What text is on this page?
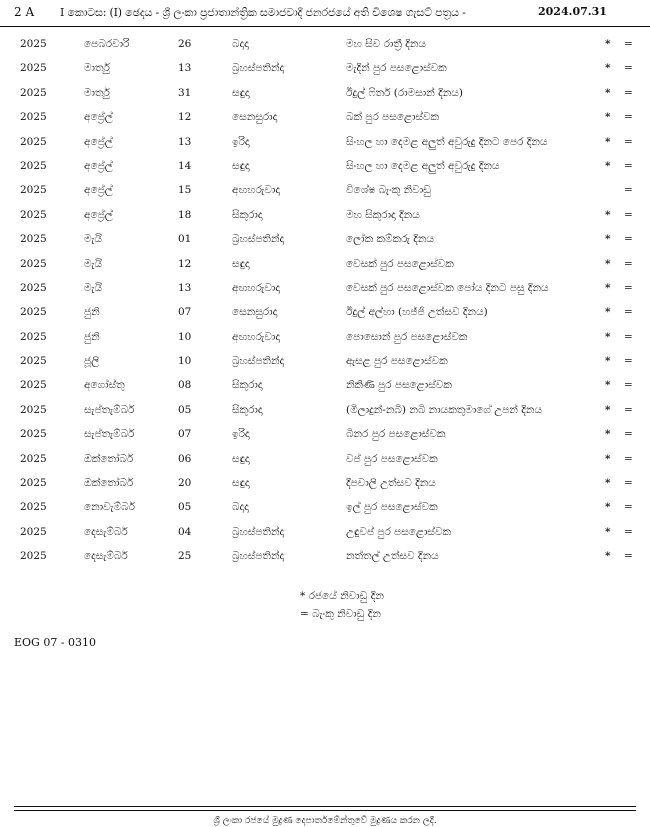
2 A I කොටස: (I) ඡෙදය - ශ්‍රී ලංකා ප්‍රජාතාන්ත්‍රික සමාජවාදී ජනරජයේ අති විශෙෂ ගැසට් පත්‍රය -	2024.07.31
2025	පෙබරවාරි	26	බදාදා	මහ සිව රාත්‍රී දිනය	* =
2025	මාර්තු	13	බ්‍රහස්පතින්දා	මැදින් පුර පසළොස්වක	* =
2025	මාර්තු	31	සඳුදා	ඊදුල් ෆිතර් (රාමසාන් දිනය)	* =
2025	අප්‍රේල්	12	සෙනසුරාදා	බක් පුර පසළොස්වක	* =
2025	අප්‍රේල්	13	ඉරිදා	සිංහල හා දෙමළ අලුත් අවුරුදු දිනට පෙර දිනය	* =
2025	අප්‍රේල්	14	සඳුදා	සිංහල හා දෙමළ අලුත් අවුරුදු දිනය	* =
2025	අප්‍රේල්	15	අඟහරුවාදා	විශේෂ බැංකු නිවාඩු	=
2025	අප්‍රේල්	18	සිකුරාදා	මහ සිකුරාදා දිනය	* =
2025	මැයි	01	බ්‍රහස්පතින්දා	ලෝක කම්කරු දිනය	* =
2025	මැයි	12	සඳුදා	වෙසක් පුර පසළොස්වක	* =
2025	මැයි	13	අඟහරුවාදා	වෙසක් පුර පසළොස්වක පෝය දිනට පසු දිනය	* =
2025	ජුනි	07	සෙනසුරාදා	ඊදුල් අල්හා (හජ්ජි උත්සව දිනය)	* =
2025	ජුනි	10	අඟහරුවාදා	පොසොන් පුර පසළොස්වක	* =
2025	ජූලි	10	බ්‍රහස්පතින්දා	ඇසළ පුර පසළොස්වක	* =
2025	අගෝස්තු	08	සිකුරාදා	නිකිණි පුර පසළොස්වක	* =
2025	සැප්තැම්බර්	05	සිකුරාදා	(මිලාදුන්-නබි) නබි නායකතුමාගේ උපන් දිනය	* =
2025	සැප්තැම්බර්	07	ඉරිදා	බිනර පුර පසළොස්වක	* =
2025	ඔක්තෝබර්	06	සඳුදා	වප් පුර පසළොස්වක	* =
2025	ඔක්තෝබර්	20	සඳුදා	දීපවාලි උත්සව දිනය	* =
2025	නොවැම්බර්	05	බදාදා	ඉල් පුර පසළොස්වක	* =
2025	දෙසැම්බර්	04	බ්‍රහස්පතින්දා	උඳුවප් පුර පසළොස්වක	* =
2025	දෙසැම්බර්	25	බ්‍රහස්පතින්දා	නත්තල් උත්සව දිනය	* =
* රජයේ නිවාඩු දින
= බැංකු නිවාඩු දින
EOG 07 - 0310
ශ්‍රී ලංකා රජයේ මුද්‍රණ දෙපාර්තමේන්තුවේ මුද්‍රණය කරන ලදී.
